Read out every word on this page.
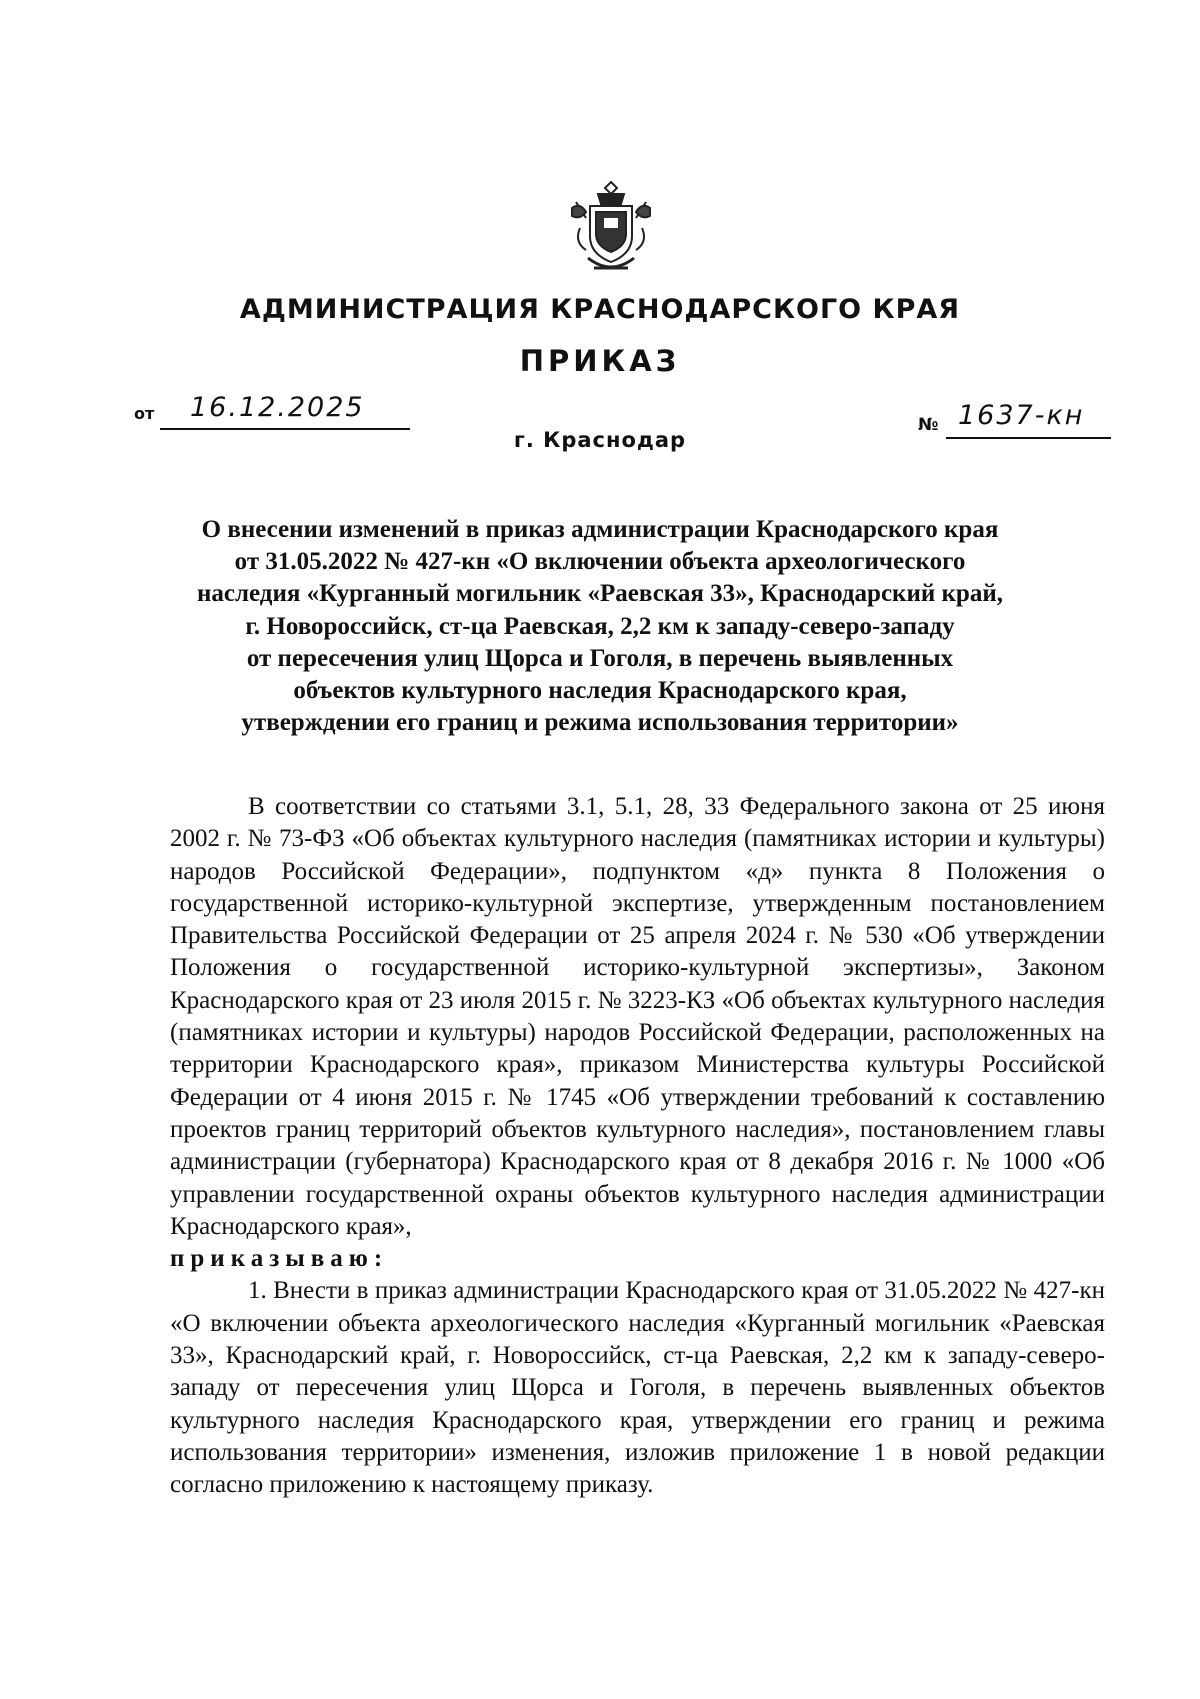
АДМИНИСТРАЦИЯ КРАСНОДАРСКОГО КРАЯ
ПРИКАЗ
от 16.12.2025
г. Краснодар
№ 1637-кн
О внесении изменений в приказ администрации Краснодарского края
от 31.05.2022 № 427-кн «О включении объекта археологического
наследия «Курганный могильник «Раевская 33», Краснодарский край,
г. Новороссийск, ст-ца Раевская, 2,2 км к западу-северо-западу
от пересечения улиц Щорса и Гоголя, в перечень выявленных
объектов культурного наследия Краснодарского края,
утверждении его границ и режима использования территории»

В соответствии со статьями 3.1, 5.1, 28, 33 Федерального закона от 25 июня 2002 г. № 73-ФЗ «Об объектах культурного наследия (памятниках истории и культуры) народов Российской Федерации», подпунктом «д» пункта 8 Положения о государственной историко-культурной экспертизе, утвержденным постановлением Правительства Российской Федерации от 25 апреля 2024 г. № 530 «Об утверждении Положения о государственной историко-культурной экспертизы», Законом Краснодарского края от 23 июля 2015 г. № 3223-КЗ «Об объектах культурного наследия (памятниках истории и культуры) народов Российской Федерации, расположенных на территории Краснодарского края», приказом Министерства культуры Российской Федерации от 4 июня 2015 г. № 1745 «Об утверждении требований к составлению проектов границ территорий объектов культурного наследия», постановлением главы администрации (губернатора) Краснодарского края от 8 декабря 2016 г. № 1000 «Об управлении государственной охраны объектов культурного наследия администрации Краснодарского края»,

приказываю:

1. Внести в приказ администрации Краснодарского края от 31.05.2022 № 427-кн «О включении объекта археологического наследия «Курганный могильник «Раевская 33», Краснодарский край, г. Новороссийск, ст-ца Раевская, 2,2 км к западу-северо-западу от пересечения улиц Щорса и Гоголя, в перечень выявленных объектов культурного наследия Краснодарского края, утверждении его границ и режима использования территории» изменения, изложив приложение 1 в новой редакции согласно приложению к настоящему приказу.
